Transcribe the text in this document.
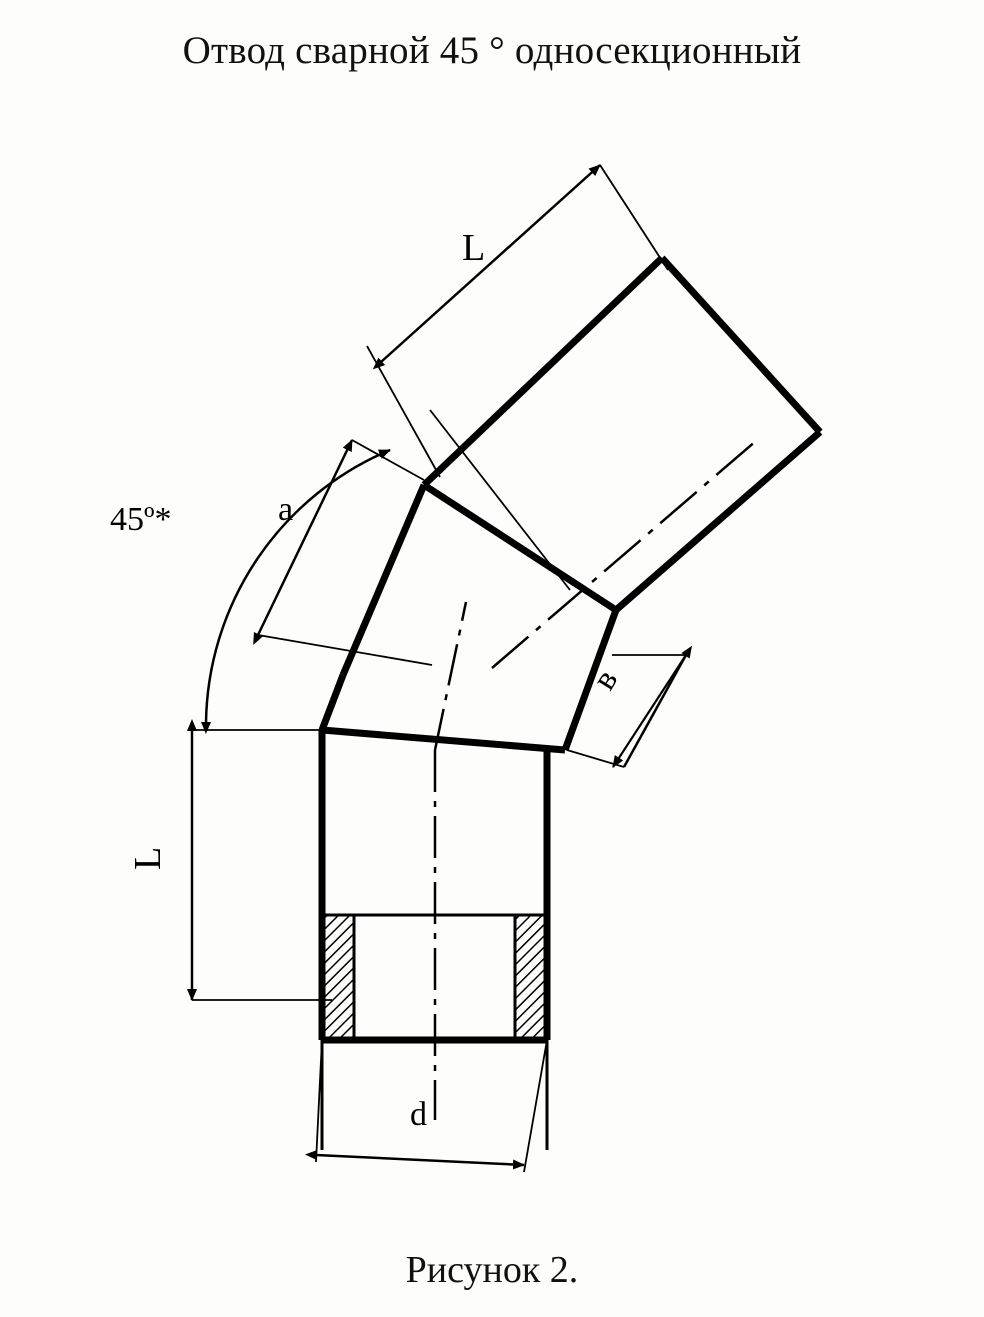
Отвод сварной 45 ° односекционный
45º*
L
a
в
L
d
Рисунок 2.
